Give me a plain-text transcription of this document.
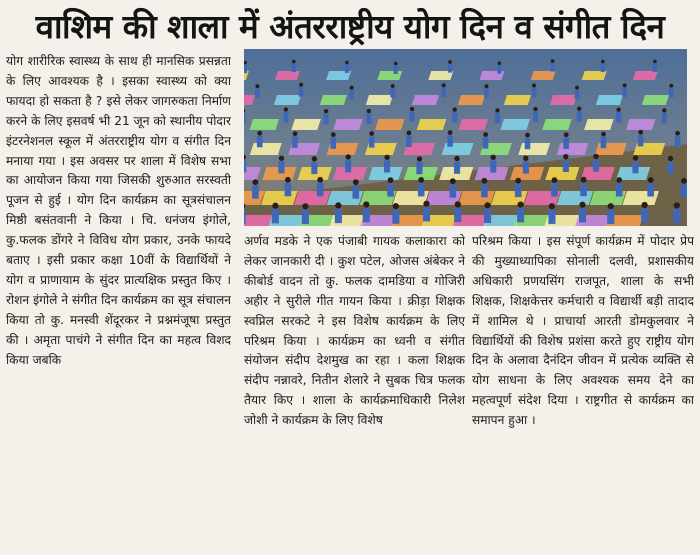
वाशिम की शाला में अंतरराष्ट्रीय योग दिन व संगीत दिन

योग शारीरिक स्वास्थ्य के साथ ही मानसिक प्रसन्नता के लिए आवश्यक है । इसका स्वास्थ्य को क्या फायदा हो सकता है ? इसे लेकर जागरुकता निर्माण करने के लिए इसवर्ष भी 21 जून को स्थानीय पोदार इंटरनेशनल स्कूल में अंतरराष्ट्रीय योग व संगीत दिन मनाया गया । इस अवसर पर शाला में विशेष सभा का आयोजन किया गया जिसकी शुरुआत सरस्वती पूजन से हुई । योग दिन कार्यक्रम का सूत्रसंचालन मिष्ठी बसंतवानी ने किया । चि. धनंजय इंगोले, कु.फलक डोंगरे ने विविध योग प्रकार, उनके फायदे बताए । इसी प्रकार कक्षा 10वीं के विद्यार्थियों ने योग व प्राणायाम के सुंदर प्रात्यक्षिक प्रस्तुत किए । रोशन इंगोले ने संगीत दिन कार्यक्रम का सूत्र संचालन किया तो कु. मनस्वी शेंदूरकर ने प्रश्नमंजूषा प्रस्तुत की । अमृता पाचंगे ने संगीत दिन का महत्व विशद किया जबकि

अर्णव मडके ने एक पंजाबी गायक कलाकारा को लेकर जानकारी दी । कुश पटेल, ओजस अंबेकर ने कीबोर्ड वादन तो कु. फलक दामडिया व गोजिरी अहीर ने सुरीले गीत गायन किया । क्रीड़ा शिक्षक स्वप्निल सरकटे ने इस विशेष कार्यक्रम के लिए परिश्रम किया । कार्यक्रम का ध्वनी व संगीत संयोजन संदीप देशमुख का रहा । कला शिक्षक संदीप नन्नावरे, नितीन शेलारे ने सुबक चित्र फलक तैयार किए । शाला के कार्यक्रमाधिकारी निलेश जोशी ने कार्यक्रम के लिए विशेष

परिश्रम किया । इस संपूर्ण कार्यक्रम में पोदार प्रेप की मुख्याध्यापिका सोनाली दलवी, प्रशासकीय अधिकारी प्रणयसिंग राजपूत, शाला के सभी शिक्षक, शिक्षकेत्तर कर्मचारी व विद्यार्थी बड़ी तादाद में शामिल थे । प्राचार्या आरती डोमकुलवार ने विद्यार्थियों की विशेष प्रशंसा करते हुए राष्ट्रीय योग दिन के अलावा दैनंदिन जीवन में प्रत्येक व्यक्ति से योग साधना के लिए अवश्यक समय देने का महत्वपूर्ण संदेश दिया । राष्ट्रगीत से कार्यक्रम का समापन हुआ ।
